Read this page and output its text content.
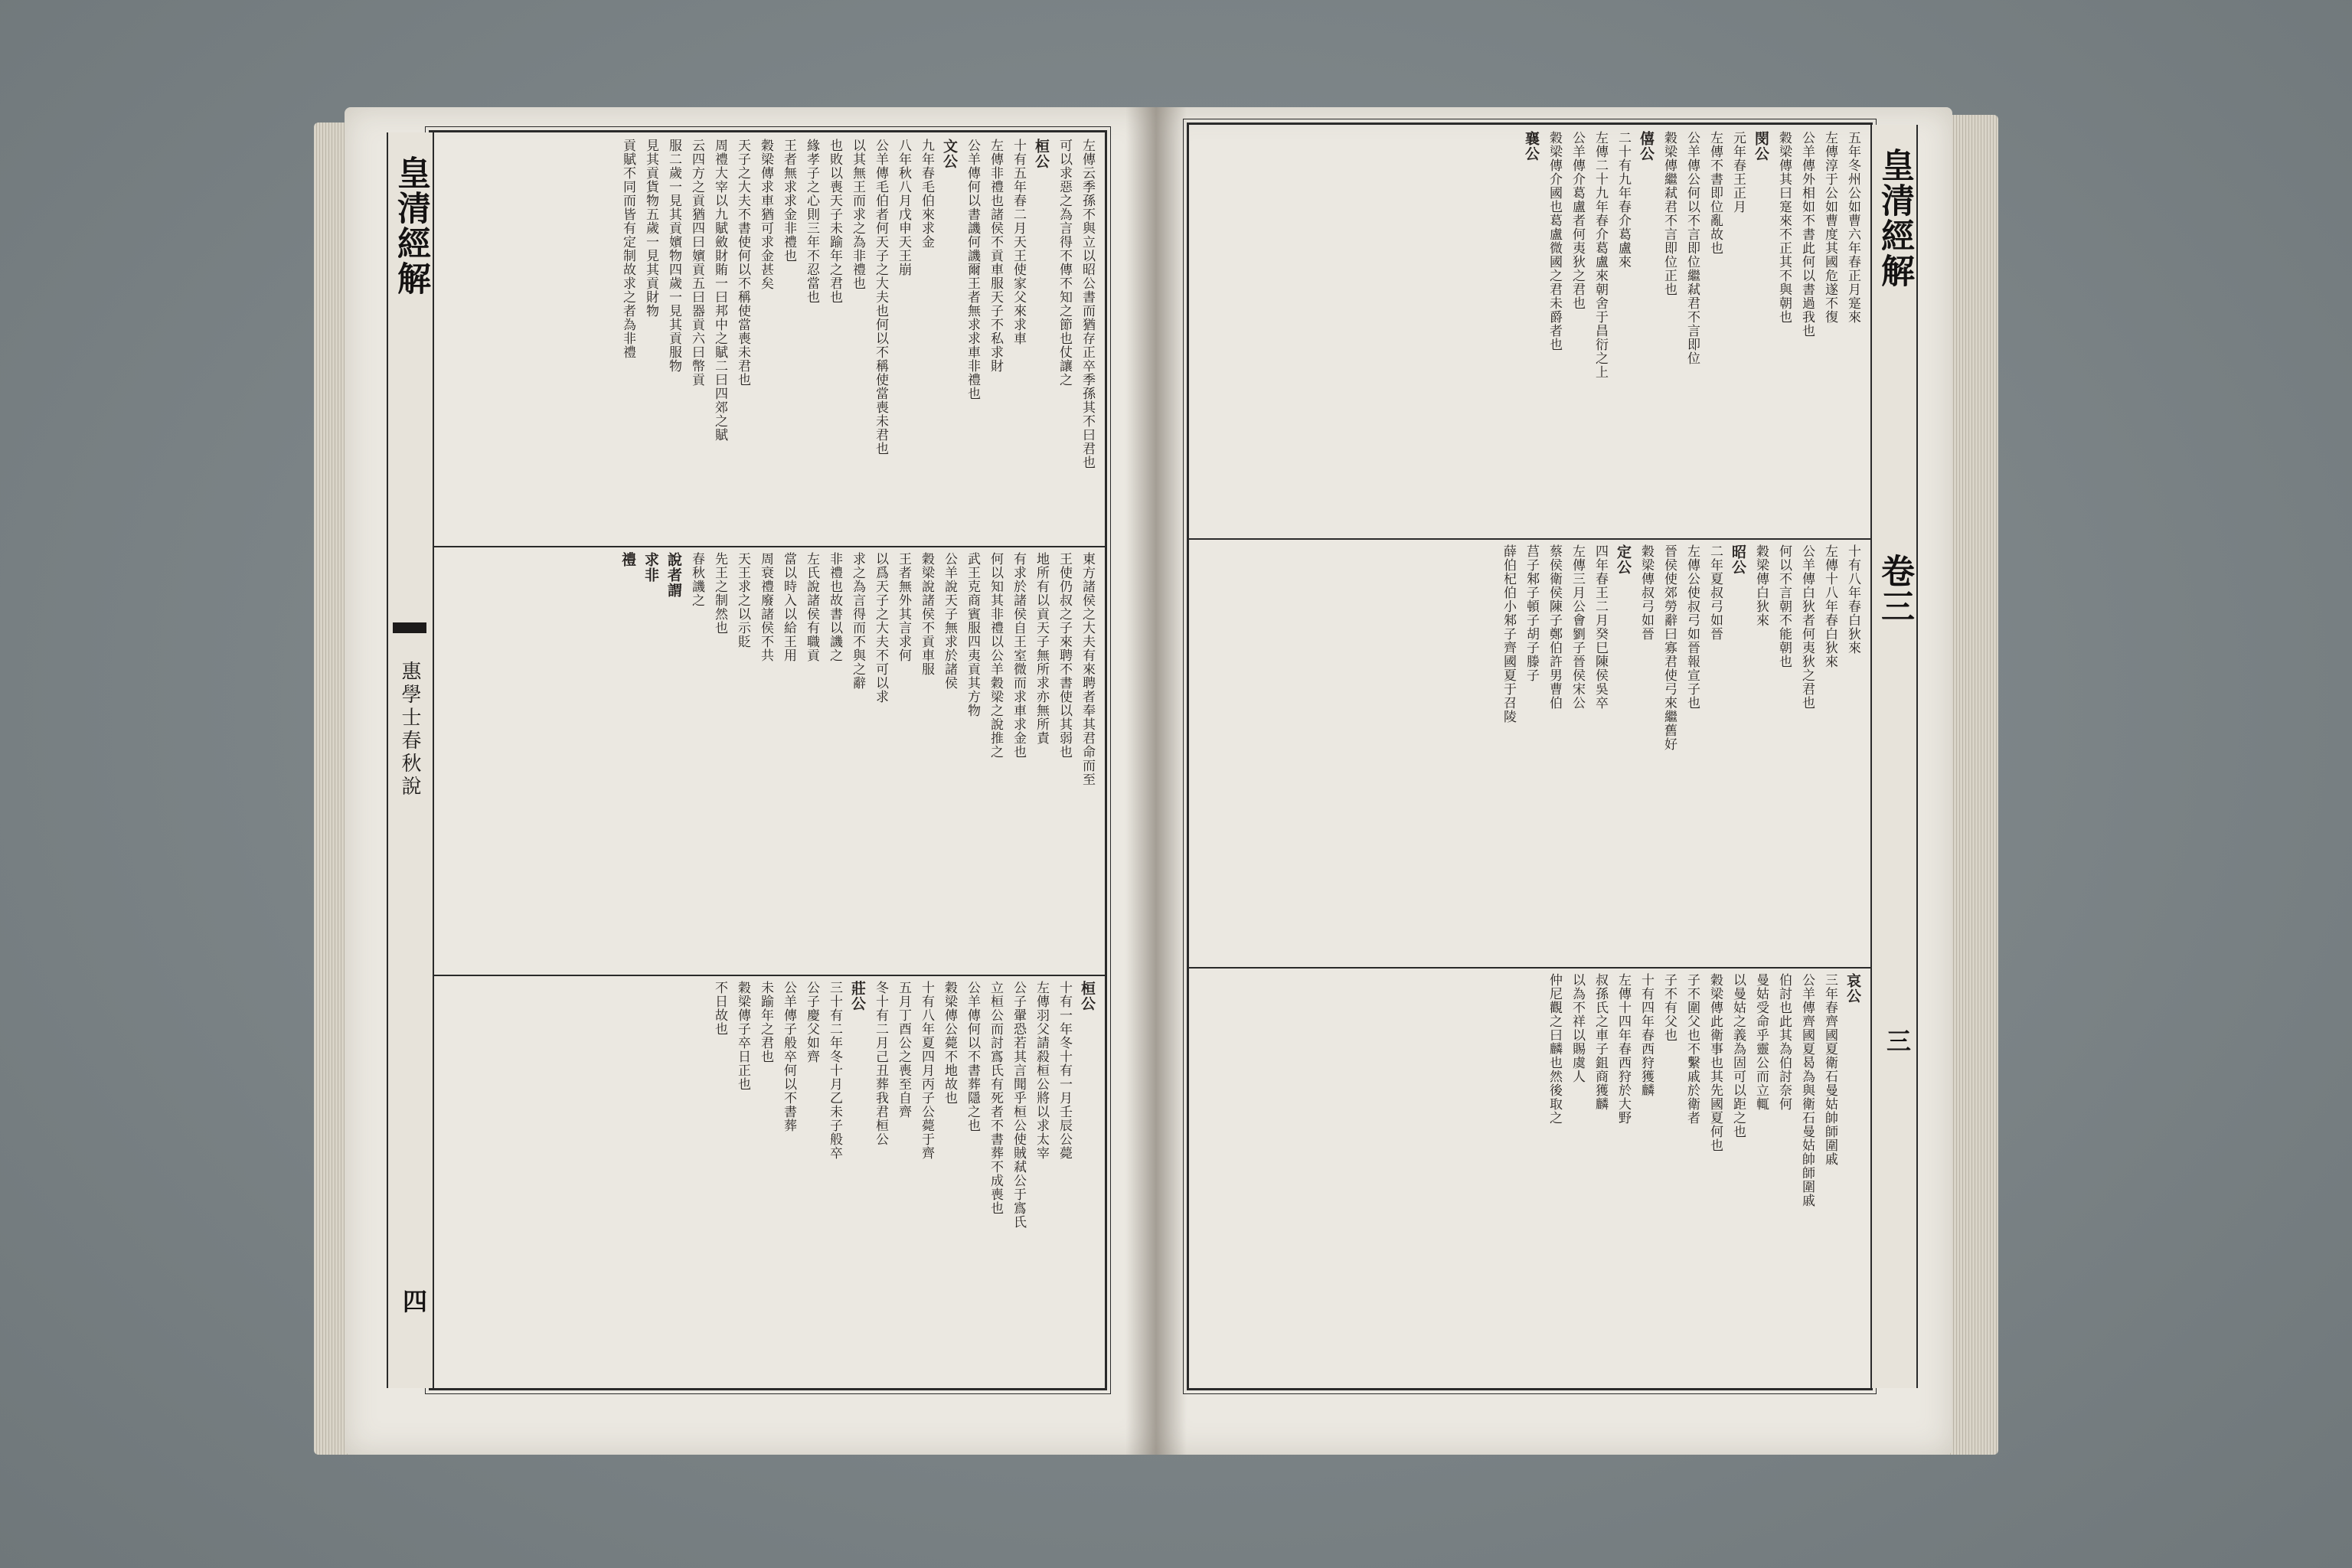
左傳云季孫不與立以昭公書而猶存正卒季孫其不曰君也
可以求惡之為言得不傳不知之節也仗讓之
桓公
十有五年春二月天王使家父來求車
左傳非禮也諸侯不貢車服天子不私求財
公羊傳何以書譏何譏爾王者無求求車非禮也
文公
九年春毛伯來求金
八年秋八月戊申天王崩
公羊傳毛伯者何天子之大夫也何以不稱使當喪未君也
以其無王而求之為非禮也
也敗以喪天子未踰年之君也
緣孝子之心則三年不忍當也
王者無求求金非禮也
穀梁傳求車猶可求金甚矣
天子之大夫不書使何以不稱使當喪未君也
周禮大宰以九賦斂財賄一曰邦中之賦二曰四郊之賦
云四方之貢猶四曰嬪貢五曰器貢六曰幣貢
服二歲一見其貢嬪物四歲一見其貢服物
見其貢貨物五歲一見其貢財物
貢賦不同而皆有定制故求之者為非禮
東方諸侯之大夫有來聘者奉其君命而至
王使仍叔之子來聘不書使以其弱也
地所有以貢天子無所求亦無所責
有求於諸侯自王室微而求車求金也
何以知其非禮以公羊穀梁之說推之
武王克商賓服四夷貢其方物
公羊說天子無求於諸侯
穀梁說諸侯不貢車服
王者無外其言求何
以爲天子之大夫不可以求
求之為言得而不與之辭
非禮也故書以譏之
左氏說諸侯有職貢
當以時入以給王用
周衰禮廢諸侯不共
天王求之以示貶
先王之制然也
春秋譏之
說者謂
求非
禮
桓公
十有一年冬十有一月壬辰公薨
左傳羽父請殺桓公將以求太宰
公子翬恐若其言聞乎桓公使賊弒公于寪氏
立桓公而討寪氏有死者不書葬不成喪也
公羊傳何以不書葬隱之也
穀梁傳公薨不地故也
十有八年夏四月丙子公薨于齊
五月丁酉公之喪至自齊
冬十有二月己丑葬我君桓公
莊公
三十有二年冬十月乙未子般卒
公子慶父如齊
公羊傳子般卒何以不書葬
未踰年之君也
穀梁傳子卒日正也
不日故也
皇清經解
惠學士春秋說
四
五年冬州公如曹六年春正月寔來
左傳淳于公如曹度其國危遂不復
公羊傳外相如不書此何以書過我也
穀梁傳其曰寔來不正其不與朝也
閔公
元年春王正月
左傳不書即位亂故也
公羊傳公何以不言即位繼弒君不言即位
穀梁傳繼弒君不言即位正也
僖公
二十有九年春介葛盧來
左傳二十九年春介葛盧來朝舍于昌衍之上
公羊傳介葛盧者何夷狄之君也
穀梁傳介國也葛盧微國之君未爵者也
襄公
十有八年春白狄來
左傳十八年春白狄來
公羊傳白狄者何夷狄之君也
何以不言朝不能朝也
穀梁傳白狄來
昭公
二年夏叔弓如晉
左傳公使叔弓如晉報宣子也
晉侯使郊勞辭曰寡君使弓來繼舊好
穀梁傳叔弓如晉
定公
四年春王二月癸巳陳侯吳卒
左傳三月公會劉子晉侯宋公
蔡侯衛侯陳子鄭伯許男曹伯
莒子邾子頓子胡子滕子
薛伯杞伯小邾子齊國夏于召陵
哀公
三年春齊國夏衛石曼姑帥師圍戚
公羊傳齊國夏曷為與衛石曼姑帥師圍戚
伯討也此其為伯討奈何
曼姑受命乎靈公而立輒
以曼姑之義為固可以距之也
穀梁傳此衛事也其先國夏何也
子不圍父也不繫戚於衛者
子不有父也
十有四年春西狩獲麟
左傳十四年春西狩於大野
叔孫氏之車子鉏商獲麟
以為不祥以賜虞人
仲尼觀之曰麟也然後取之
皇清經解
卷三
三
